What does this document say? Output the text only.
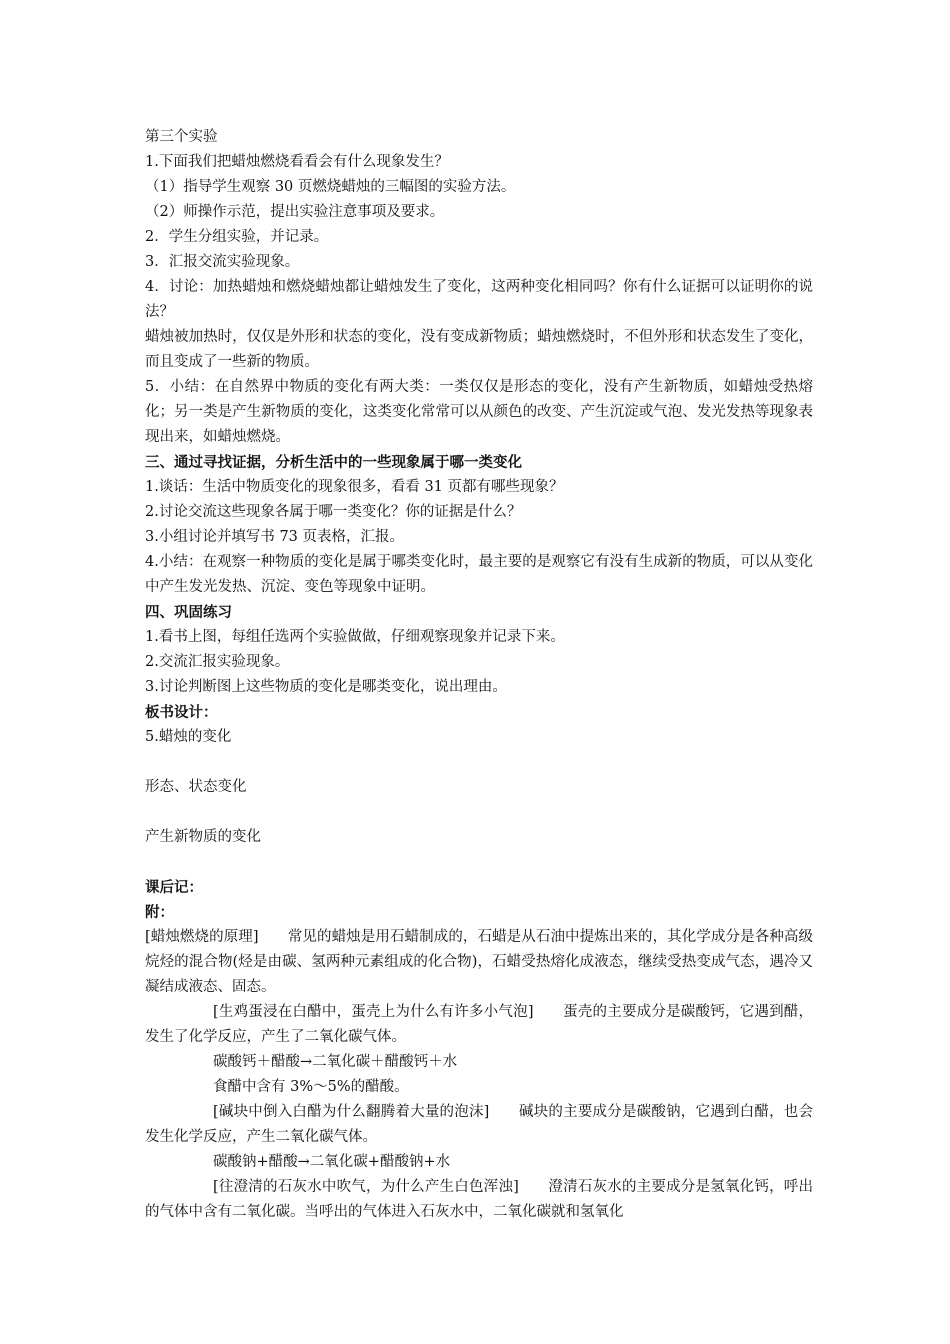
第三个实验

1.下面我们把蜡烛燃烧看看会有什么现象发生？

（1）指导学生观察 30 页燃烧蜡烛的三幅图的实验方法。

（2）师操作示范，提出实验注意事项及要求。

2．学生分组实验，并记录。

3．汇报交流实验现象。

4．讨论：加热蜡烛和燃烧蜡烛都让蜡烛发生了变化，这两种变化相同吗？你有什么证据可以证明你的说法？

蜡烛被加热时，仅仅是外形和状态的变化，没有变成新物质；蜡烛燃烧时，不但外形和状态发生了变化，而且变成了一些新的物质。

5．小结：在自然界中物质的变化有两大类：一类仅仅是形态的变化，没有产生新物质，如蜡烛受热熔化；另一类是产生新物质的变化，这类变化常常可以从颜色的改变、产生沉淀或气泡、发光发热等现象表现出来，如蜡烛燃烧。

三、通过寻找证据，分析生活中的一些现象属于哪一类变化

1.谈话：生活中物质变化的现象很多，看看 31 页都有哪些现象？

2.讨论交流这些现象各属于哪一类变化？你的证据是什么？

3.小组讨论并填写书 73 页表格，汇报。

4.小结：在观察一种物质的变化是属于哪类变化时，最主要的是观察它有没有生成新的物质，可以从变化中产生发光发热、沉淀、变色等现象中证明。

四、巩固练习

1.看书上图，每组任选两个实验做做，仔细观察现象并记录下来。

2.交流汇报实验现象。

3.讨论判断图上这些物质的变化是哪类变化，说出理由。

板书设计：

5.蜡烛的变化

形态、状态变化

产生新物质的变化

课后记：

附：

[蜡烛燃烧的原理]　　常见的蜡烛是用石蜡制成的，石蜡是从石油中提炼出来的，其化学成分是各种高级烷烃的混合物(烃是由碳、氢两种元素组成的化合物)，石蜡受热熔化成液态，继续受热变成气态，遇冷又凝结成液态、固态。

[生鸡蛋浸在白醋中，蛋壳上为什么有许多小气泡]　　蛋壳的主要成分是碳酸钙，它遇到醋，发生了化学反应，产生了二氧化碳气体。

碳酸钙＋醋酸→二氧化碳＋醋酸钙＋水

食醋中含有 3%～5%的醋酸。

[碱块中倒入白醋为什么翻腾着大量的泡沫]　　碱块的主要成分是碳酸钠，它遇到白醋，也会发生化学反应，产生二氧化碳气体。

碳酸钠+醋酸→二氧化碳+醋酸钠+水

[往澄清的石灰水中吹气，为什么产生白色浑浊]　　澄清石灰水的主要成分是氢氧化钙，呼出的气体中含有二氧化碳。当呼出的气体进入石灰水中，二氧化碳就和氢氧化
